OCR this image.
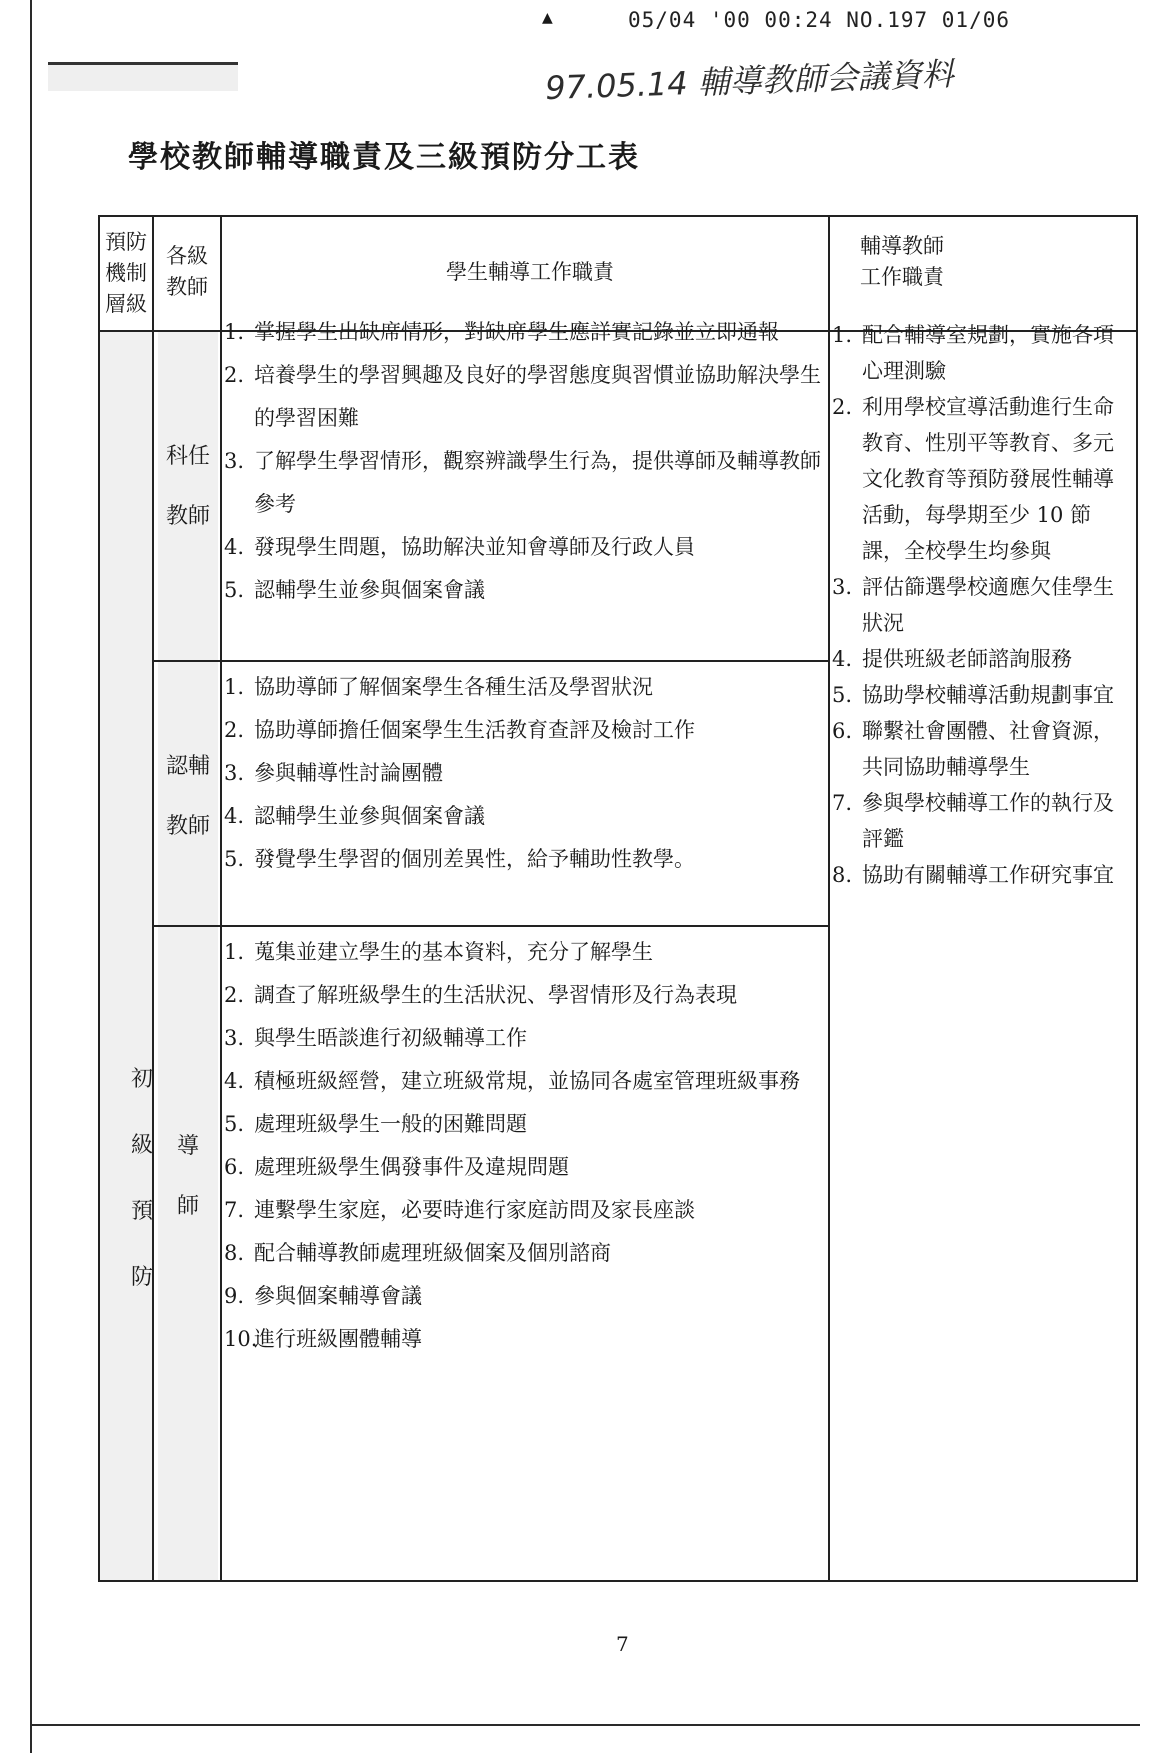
▲	05/04 '00 00:24 NO.197 01/06
97.05.14 輔導教師会議資料
學校教師輔導職責及三級預防分工表
預防機制層級
各級教師
學生輔導工作職責
輔導教師工作職責
初級預防
科任教師
認輔教師
導師
1. 掌握學生出缺席情形，對缺席學生應詳實記錄並立即通報
2. 培養學生的學習興趣及良好的學習態度與習慣並協助解決學生的學習困難
3. 了解學生學習情形，觀察辨識學生行為，提供導師及輔導教師參考
4. 發現學生問題，協助解決並知會導師及行政人員
5. 認輔學生並參與個案會議
1. 協助導師了解個案學生各種生活及學習狀況
2. 協助導師擔任個案學生生活教育查評及檢討工作
3. 參與輔導性討論團體
4. 認輔學生並參與個案會議
5. 發覺學生學習的個別差異性，給予輔助性教學。
1. 蒐集並建立學生的基本資料，充分了解學生
2. 調查了解班級學生的生活狀況、學習情形及行為表現
3. 與學生晤談進行初級輔導工作
4. 積極班級經營，建立班級常規，並協同各處室管理班級事務
5. 處理班級學生一般的困難問題
6. 處理班級學生偶發事件及違規問題
7. 連繫學生家庭，必要時進行家庭訪問及家長座談
8. 配合輔導教師處理班級個案及個別諮商
9. 參與個案輔導會議
10.
進行班級團體輔導
1. 配合輔導室規劃，實施各項心理測驗
2. 利用學校宣導活動進行生命教育、性別平等教育、多元文化教育等預防發展性輔導活動，每學期至少 10 節課，全校學生均參與
3. 評估篩選學校適應欠佳學生狀況
4. 提供班級老師諮詢服務
5. 協助學校輔導活動規劃事宜
6. 聯繫社會團體、社會資源，共同協助輔導學生
7. 參與學校輔導工作的執行及評鑑
8. 協助有關輔導工作研究事宜
7
